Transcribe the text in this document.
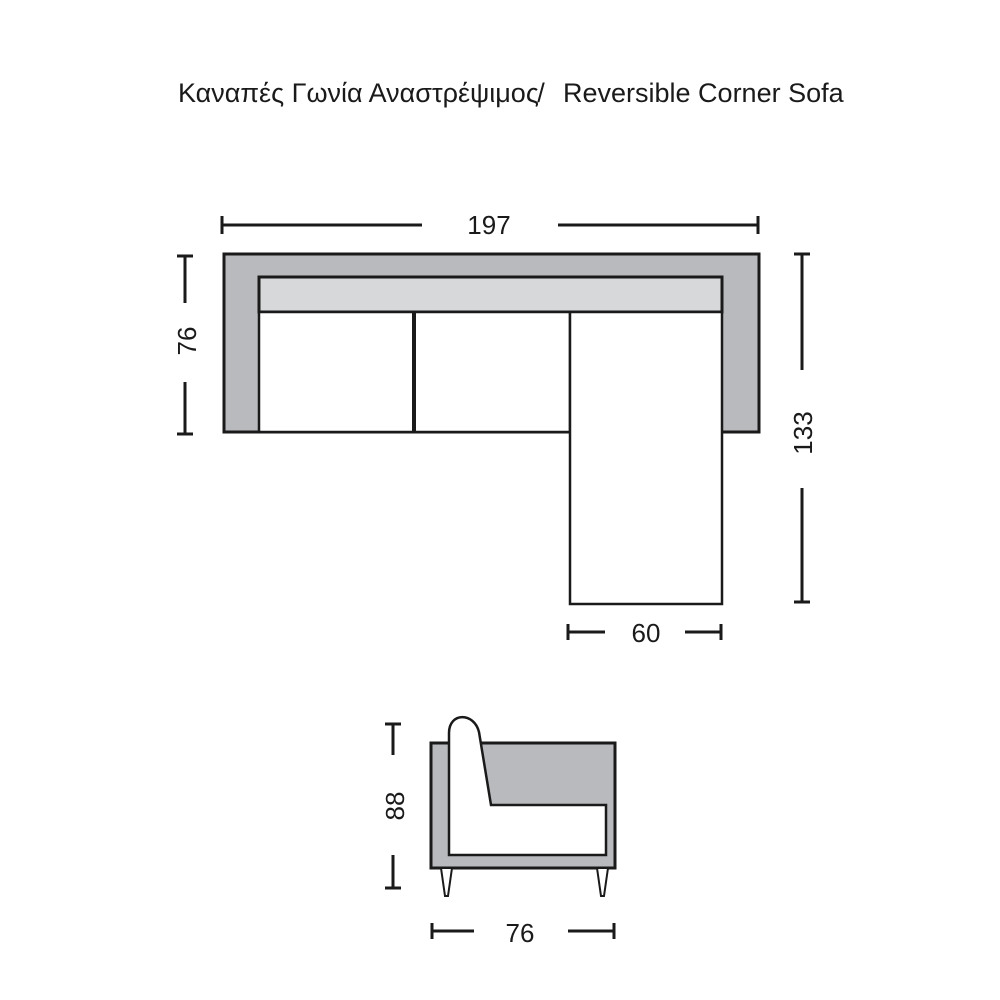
Καναπές Γωνία Αναστρέψιμος
/ Reversible Corner Sofa
197
76
133
60
88
76
